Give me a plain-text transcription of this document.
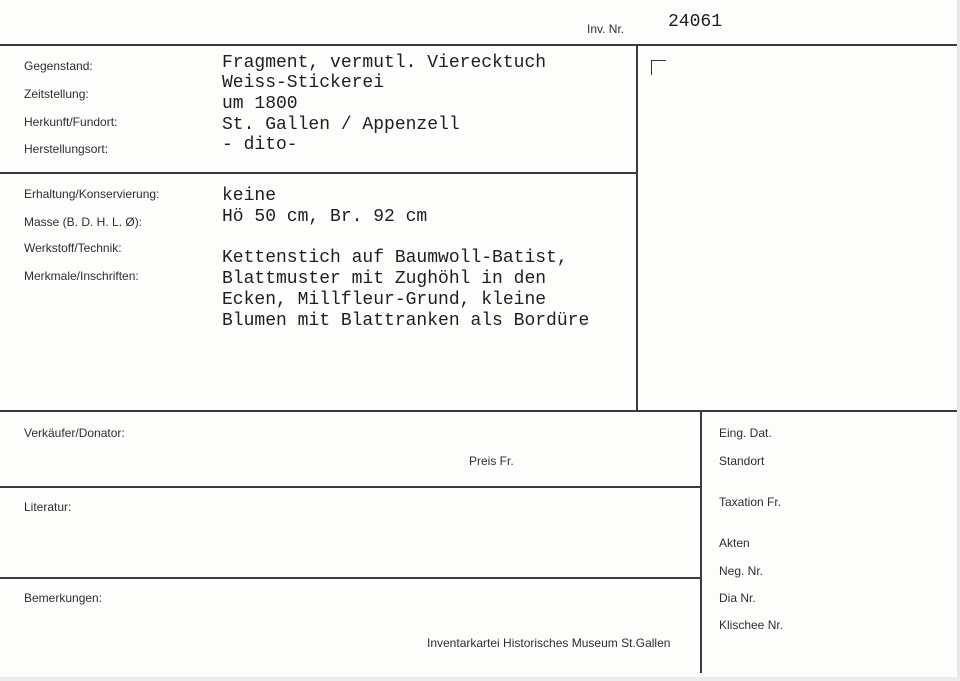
Inv. Nr. 24061
Gegenstand:
Zeitstellung:
Herkunft/Fundort:
Herstellungsort:
Fragment, vermutl. Vierecktuch
Weiss-Stickerei
um 1800
St. Gallen / Appenzell
- dito-
Erhaltung/Konservierung:
Masse (B. D. H. L. Ø):
Werkstoff/Technik:
Merkmale/Inschriften:
keine
Hö 50 cm, Br. 92 cm
Kettenstich auf Baumwoll-Batist,
Blattmuster mit Zughöhl in den
Ecken, Millfleur-Grund, kleine
Blumen mit Blattranken als Bordüre
Verkäufer/Donator:
Preis Fr.
Literatur:
Bemerkungen:
Inventarkartei Historisches Museum St.Gallen
Eing. Dat.
Standort
Taxation Fr.
Akten
Neg. Nr.
Dia Nr.
Klischee Nr.
